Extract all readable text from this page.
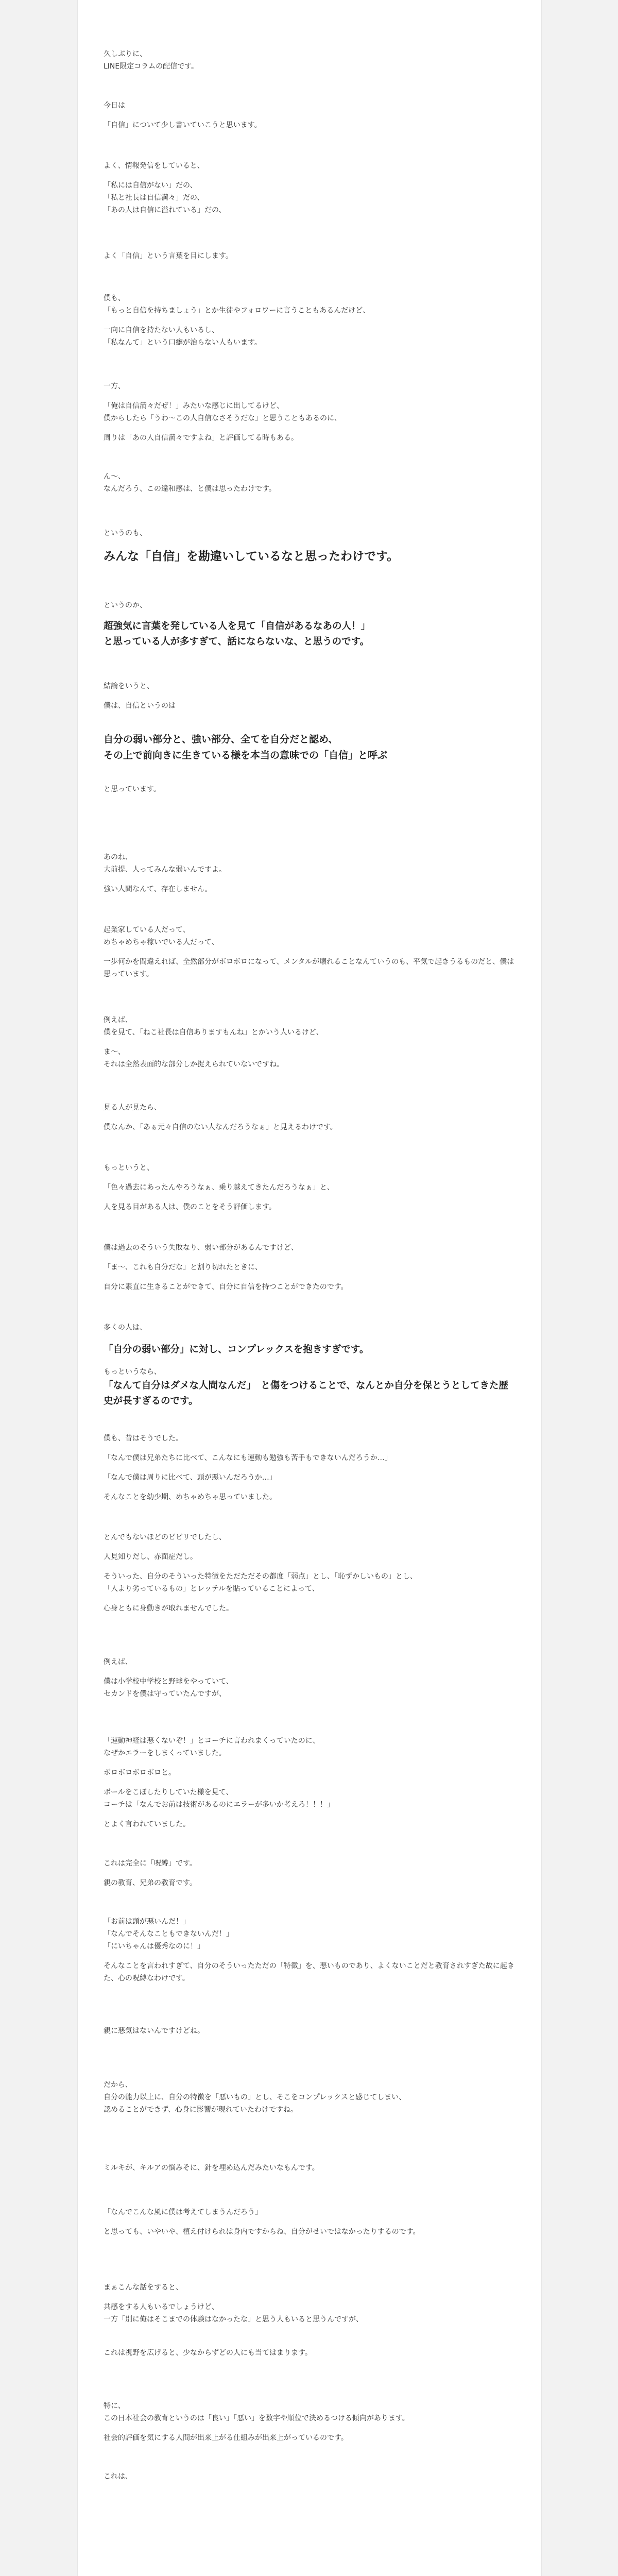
久しぶりに、
LINE限定コラムの配信です。

今日は

「自信」について少し書いていこうと思います。

よく、情報発信をしていると、

「私には自信がない」だの、
「私と社長は自信満々」だの、
「あの人は自信に溢れている」だの、

よく「自信」という言葉を目にします。

僕も、
「もっと自信を持ちましょう」とか生徒やフォロワーに言うこともあるんだけど、

一向に自信を持たない人もいるし、
「私なんて」という口癖が治らない人もいます。

一方、

「俺は自信満々だぜ！」みたいな感じに出してるけど、
僕からしたら「うわ〜この人自信なさそうだな」と思うこともあるのに、

周りは「あの人自信満々ですよね」と評価してる時もある。

ん〜、
なんだろう、この違和感は、と僕は思ったわけです。

というのも、

みんな「自信」を勘違いしているなと思ったわけです。

というのか、

超強気に言葉を発している人を見て「自信があるなあの人！」
と思っている人が多すぎて、話にならないな、と思うのです。

結論をいうと、

僕は、自信というのは

自分の弱い部分と、強い部分、全てを自分だと認め、
その上で前向きに生きている様を本当の意味での「自信」と呼ぶ

と思っています。

あのね、
大前提、人ってみんな弱いんですよ。

強い人間なんて、存在しません。

起業家している人だって、
めちゃめちゃ稼いでいる人だって、

一歩何かを間違えれば、全然部分がボロボロになって、メンタルが壊れることなんていうのも、平気で起きうるものだと、僕は思っています。

例えば、
僕を見て、「ねこ社長は自信ありますもんね」とかいう人いるけど、

ま〜、
それは全然表面的な部分しか捉えられていないですね。

見る人が見たら、

僕なんか、「あぁ元々自信のない人なんだろうなぁ」と見えるわけです。

もっというと、

「色々過去にあったんやろうなぁ、乗り越えてきたんだろうなぁ」と、

人を見る目がある人は、僕のことをそう評価します。

僕は過去のそういう失敗なり、弱い部分があるんですけど、

「ま〜、これも自分だな」と割り切れたときに、

自分に素直に生きることができて、自分に自信を持つことができたのです。

多くの人は、

「自分の弱い部分」に対し、コンプレックスを抱きすぎです。

もっというなら、

「なんて自分はダメな人間なんだ」　と傷をつけることで、なんとか自分を保とうとしてきた歴史が長すぎるのです。

僕も、昔はそうでした。

「なんで僕は兄弟たちに比べて、こんなにも運動も勉強も苦手もできないんだろうか…」

「なんで僕は周りに比べて、頭が悪いんだろうか…」

そんなことを幼少期、めちゃめちゃ思っていました。

とんでもないほどのビビリでしたし、

人見知りだし、赤面症だし。

そういった、自分のそういった特徴をただただその都度「弱点」とし、「恥ずかしいもの」とし、
「人より劣っているもの」とレッテルを貼っていることによって、

心身ともに身動きが取れませんでした。

例えば、

僕は小学校中学校と野球をやっていて、
セカンドを僕は守っていたんですが、

「運動神経は悪くないぞ！」とコーチに言われまくっていたのに、
なぜかエラーをしまくっていました。

ボロボロボロボロと。

ボールをこぼしたりしていた様を見て、
コーチは「なんでお前は技術があるのにエラーが多いか考えろ！！！」

とよく言われていました。

これは完全に「呪縛」です。

親の教育、兄弟の教育です。

「お前は頭が悪いんだ！」
「なんでそんなこともできないんだ！」
「にいちゃんは優秀なのに！」

そんなことを言われすぎて、自分のそういったただの「特徴」を、悪いものであり、よくないことだと教育されすぎた故に起きた、心の呪縛なわけです。

親に悪気はないんですけどね。

だから、
自分の能力以上に、自分の特徴を「悪いもの」とし、そこをコンプレックスと感じてしまい、
認めることができず、心身に影響が現れていたわけですね。

ミルキが、キルアの悩みそに、針を埋め込んだみたいなもんです。

「なんでこんな風に僕は考えてしまうんだろう」

と思っても、いやいや、植え付けられは身内ですからね、自分がせいではなかったりするのです。

まぁこんな話をすると、

共感をする人もいるでしょうけど、
一方「別に俺はそこまでの体験はなかったな」と思う人もいると思うんですが、

これは視野を広げると、少なからずどの人にも当てはまります。

特に、
この日本社会の教育というのは「良い」「悪い」を数字や順位で決めるつける傾向があります。

社会的評価を気にする人間が出来上がる仕組みが出来上がっているのです。

これは、
